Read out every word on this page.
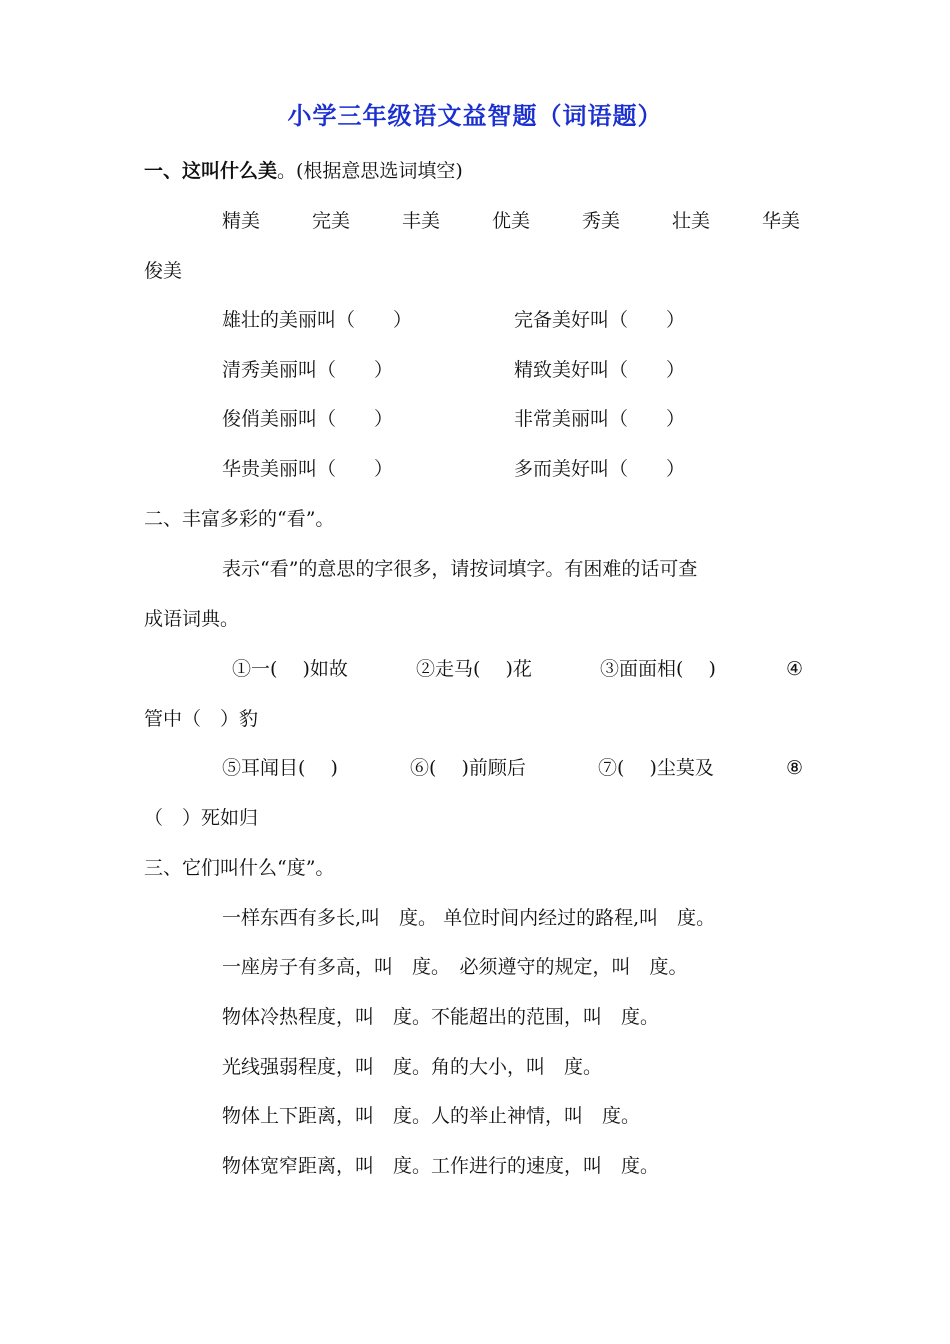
小学三年级语文益智题（词语题）
一、这叫什么美。(根据意思选词填空)
精美	完美	丰美	优美	秀美	壮美	华美
俊美
雄壮的美丽叫（　　）	完备美好叫（　　）
清秀美丽叫（　　）	精致美好叫（　　）
俊俏美丽叫（　　）	非常美丽叫（　　）
华贵美丽叫（　　）	多而美好叫（　　）
二、丰富多彩的“看”。
表示“看”的意思的字很多，请按词填字。有困难的话可查
成语词典。
①一(　 )如故	②走马(　 )花	③面面相(　 )	④
管中（　）豹
⑤耳闻目(　 )	⑥(　 )前顾后	⑦(　 )尘莫及	⑧
（　）死如归
三、它们叫什么“度”。
一样东西有多长,叫　度。 单位时间内经过的路程,叫　度。
一座房子有多高，叫　度。　必须遵守的规定，叫　度。
物体冷热程度，叫　度。不能超出的范围，叫　度。
光线强弱程度，叫　度。角的大小，叫　度。
物体上下距离，叫　度。人的举止神情，叫　度。
物体宽窄距离，叫　度。工作进行的速度，叫　度。
